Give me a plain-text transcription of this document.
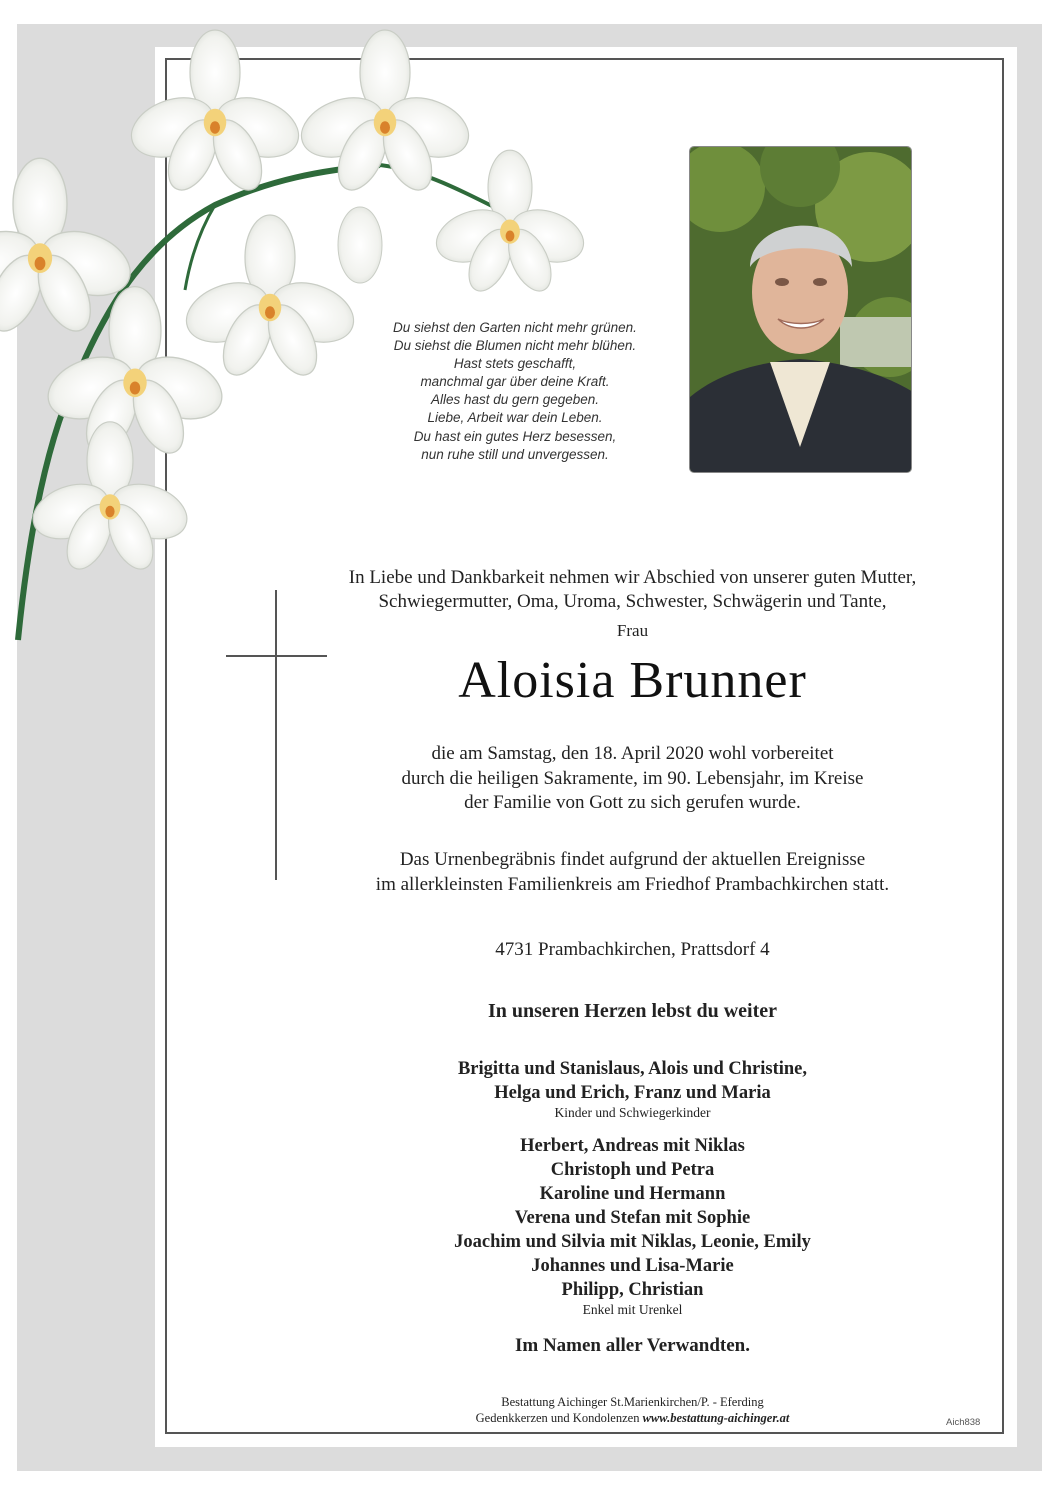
Du siehst den Garten nicht mehr grünen.
Du siehst die Blumen nicht mehr blühen.
Hast stets geschafft,
manchmal gar über deine Kraft.
Alles hast du gern gegeben.
Liebe, Arbeit war dein Leben.
Du hast ein gutes Herz besessen,
nun ruhe still und unvergessen.
In Liebe und Dankbarkeit nehmen wir Abschied von unserer guten Mutter,
Schwiegermutter, Oma, Uroma, Schwester, Schwägerin und Tante,
Frau
Aloisia Brunner
die am Samstag, den 18. April 2020 wohl vorbereitet
durch die heiligen Sakramente, im 90. Lebensjahr, im Kreise
der Familie von Gott zu sich gerufen wurde.
Das Urnenbegräbnis findet aufgrund der aktuellen Ereignisse
im allerkleinsten Familienkreis am Friedhof Prambachkirchen statt.
4731 Prambachkirchen, Prattsdorf 4
In unseren Herzen lebst du weiter
Brigitta und Stanislaus, Alois und Christine,
Helga und Erich, Franz und Maria
Kinder und Schwiegerkinder
Herbert, Andreas mit Niklas
Christoph und Petra
Karoline und Hermann
Verena und Stefan mit Sophie
Joachim und Silvia mit Niklas, Leonie, Emily
Johannes und Lisa-Marie
Philipp, Christian
Enkel mit Urenkel
Im Namen aller Verwandten.
Bestattung Aichinger St.Marienkirchen/P. - Eferding
Gedenkkerzen und Kondolenzen www.bestattung-aichinger.at	Aich838
